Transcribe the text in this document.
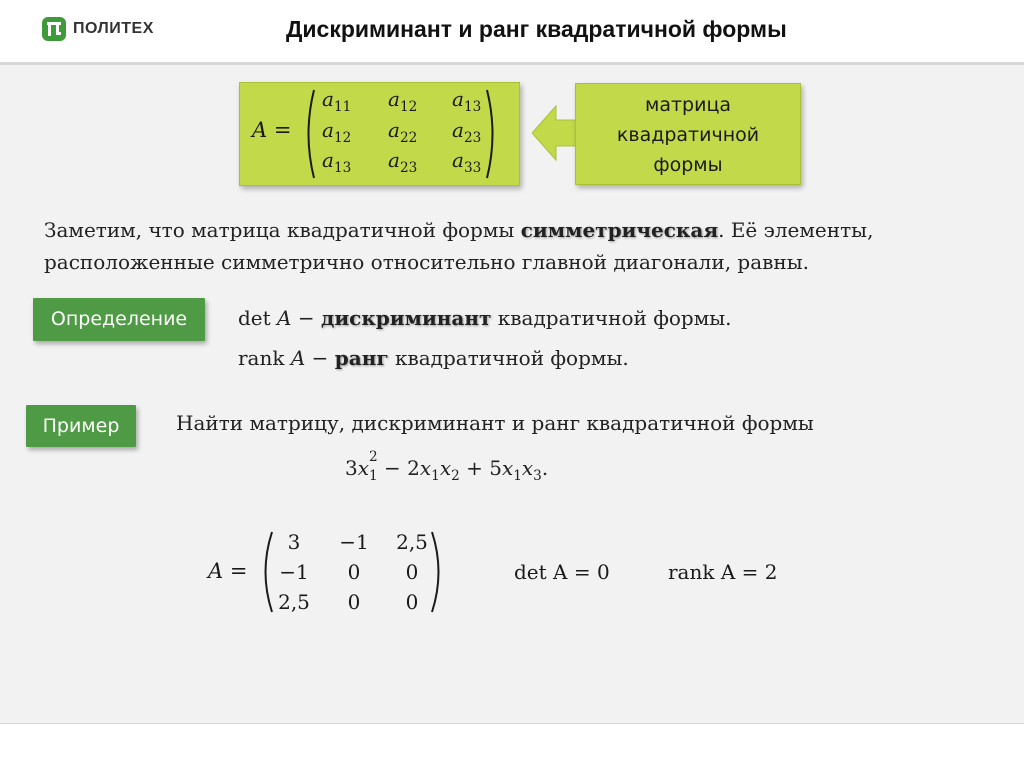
ПОЛИТЕХ	Дискриминант и ранг квадратичной формы
A =
$a_{11}$ $a_{12}$ $a_{13}$
$a_{12}$ $a_{22}$ $a_{23}$
$a_{13}$ $a_{23}$ $a_{33}$
матрица
квадратичной
формы
Заметим, что матрица квадратичной формы симметрическая. Её элементы, расположенные симметрично относительно главной диагонали, равны.
Определение	det A − дискриминант квадратичной формы.
rank A − ранг квадратичной формы.
Пример	Найти матрицу, дискриминант и ранг квадратичной формы
3x $_{2 1} - 2x_1x_2 + 5x_1x_3$.
A =
3	−1	2,5
−1	0	0
2,5	0	0
det A = 0	rank A = 2
